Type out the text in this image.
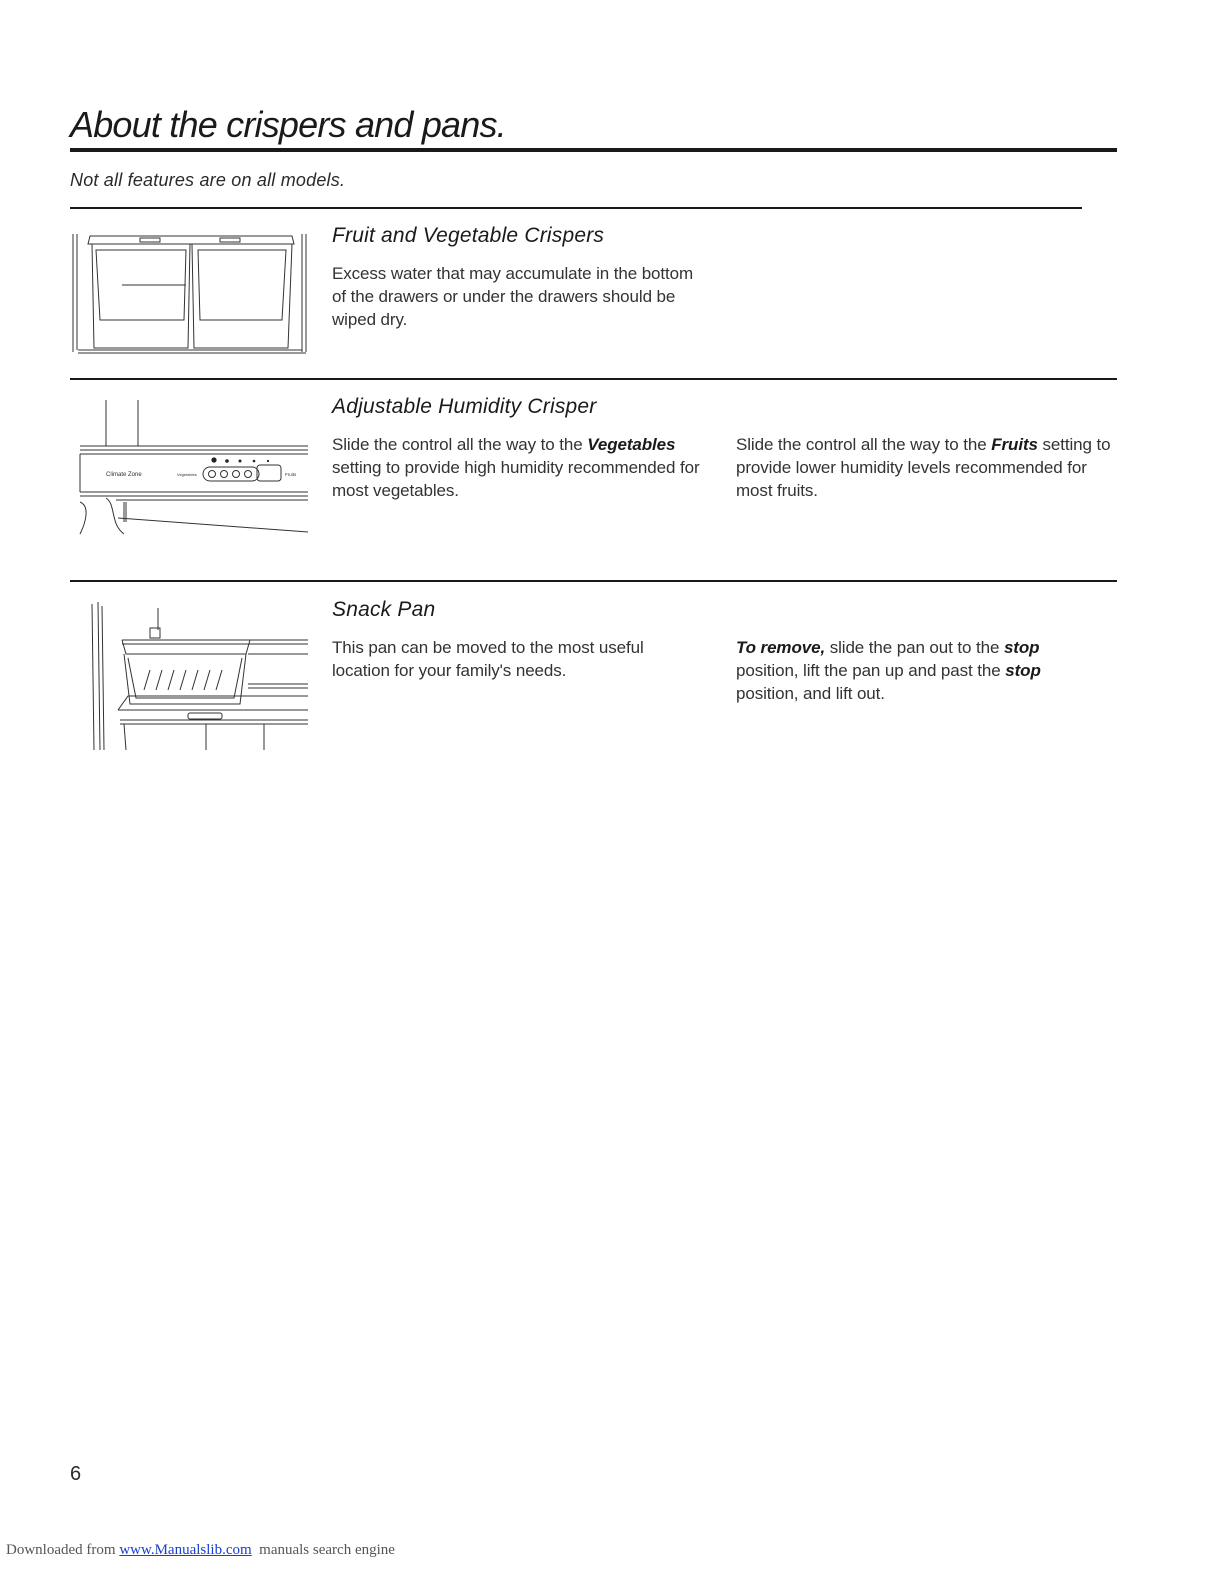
About the crispers and pans.

Not all features are on all models.

Fruit and Vegetable Crispers

Excess water that may accumulate in the bottom of the drawers or under the drawers should be wiped dry.

Climate Zone	Vegetables	Fruits
Adjustable Humidity Crisper

Slide the control all the way to the Vegetables setting to provide high humidity recommended for most vegetables.

Slide the control all the way to the Fruits setting to provide lower humidity levels recommended for most fruits.

Snack Pan

This pan can be moved to the most useful location for your family's needs.

To remove, slide the pan out to the stop position, lift the pan up and past the stop position, and lift out.

6
Downloaded from www.Manualslib.com  manuals search engine
